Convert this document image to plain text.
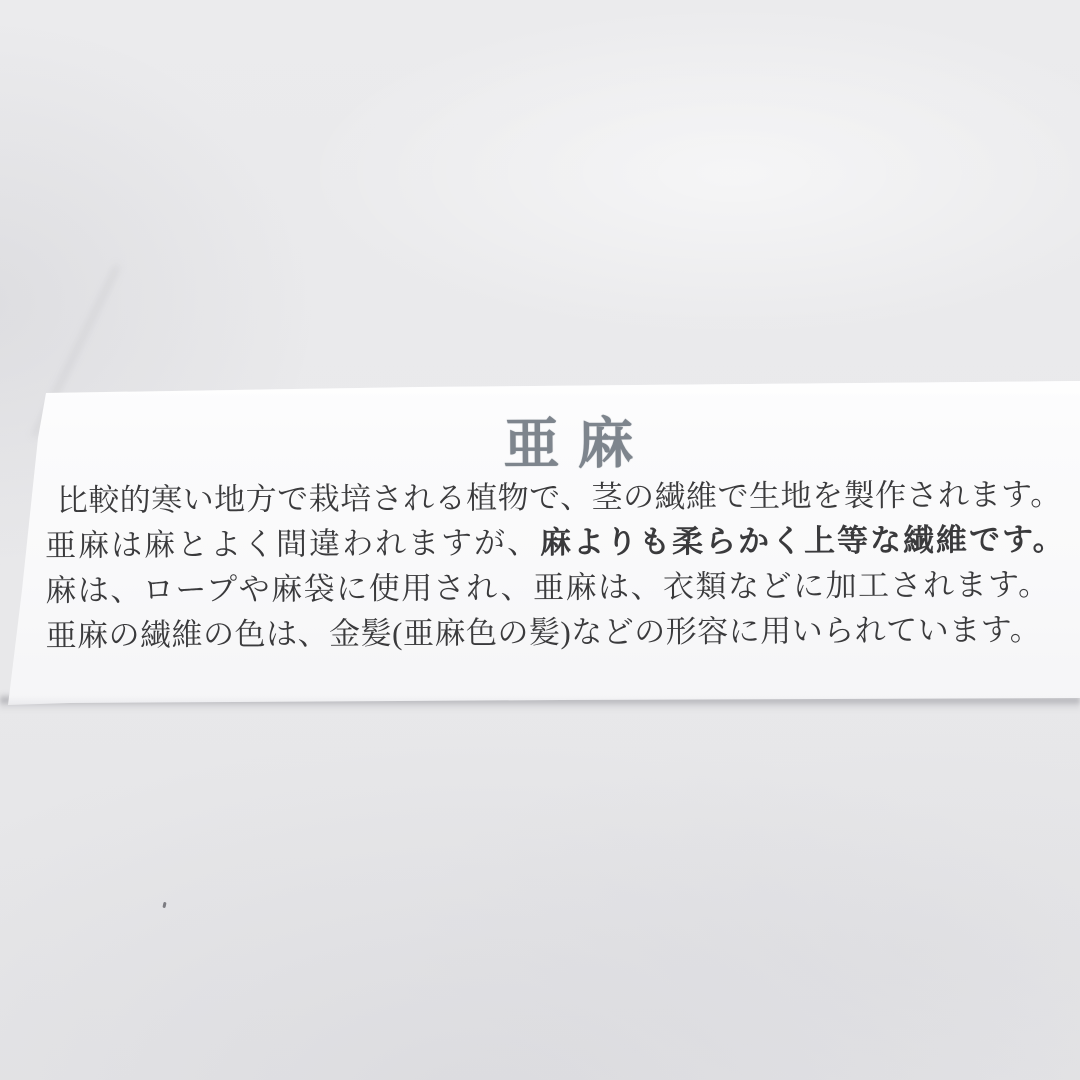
亜麻
比較的寒い地方で栽培される植物で、茎の繊維で生地を製作されます。
亜麻は麻とよく間違われますが、麻よりも柔らかく上等な繊維です。
麻は、ロープや麻袋に使用され、亜麻は、衣類などに加工されます。
亜麻の繊維の色は、金髪(亜麻色の髪)などの形容に用いられています。
